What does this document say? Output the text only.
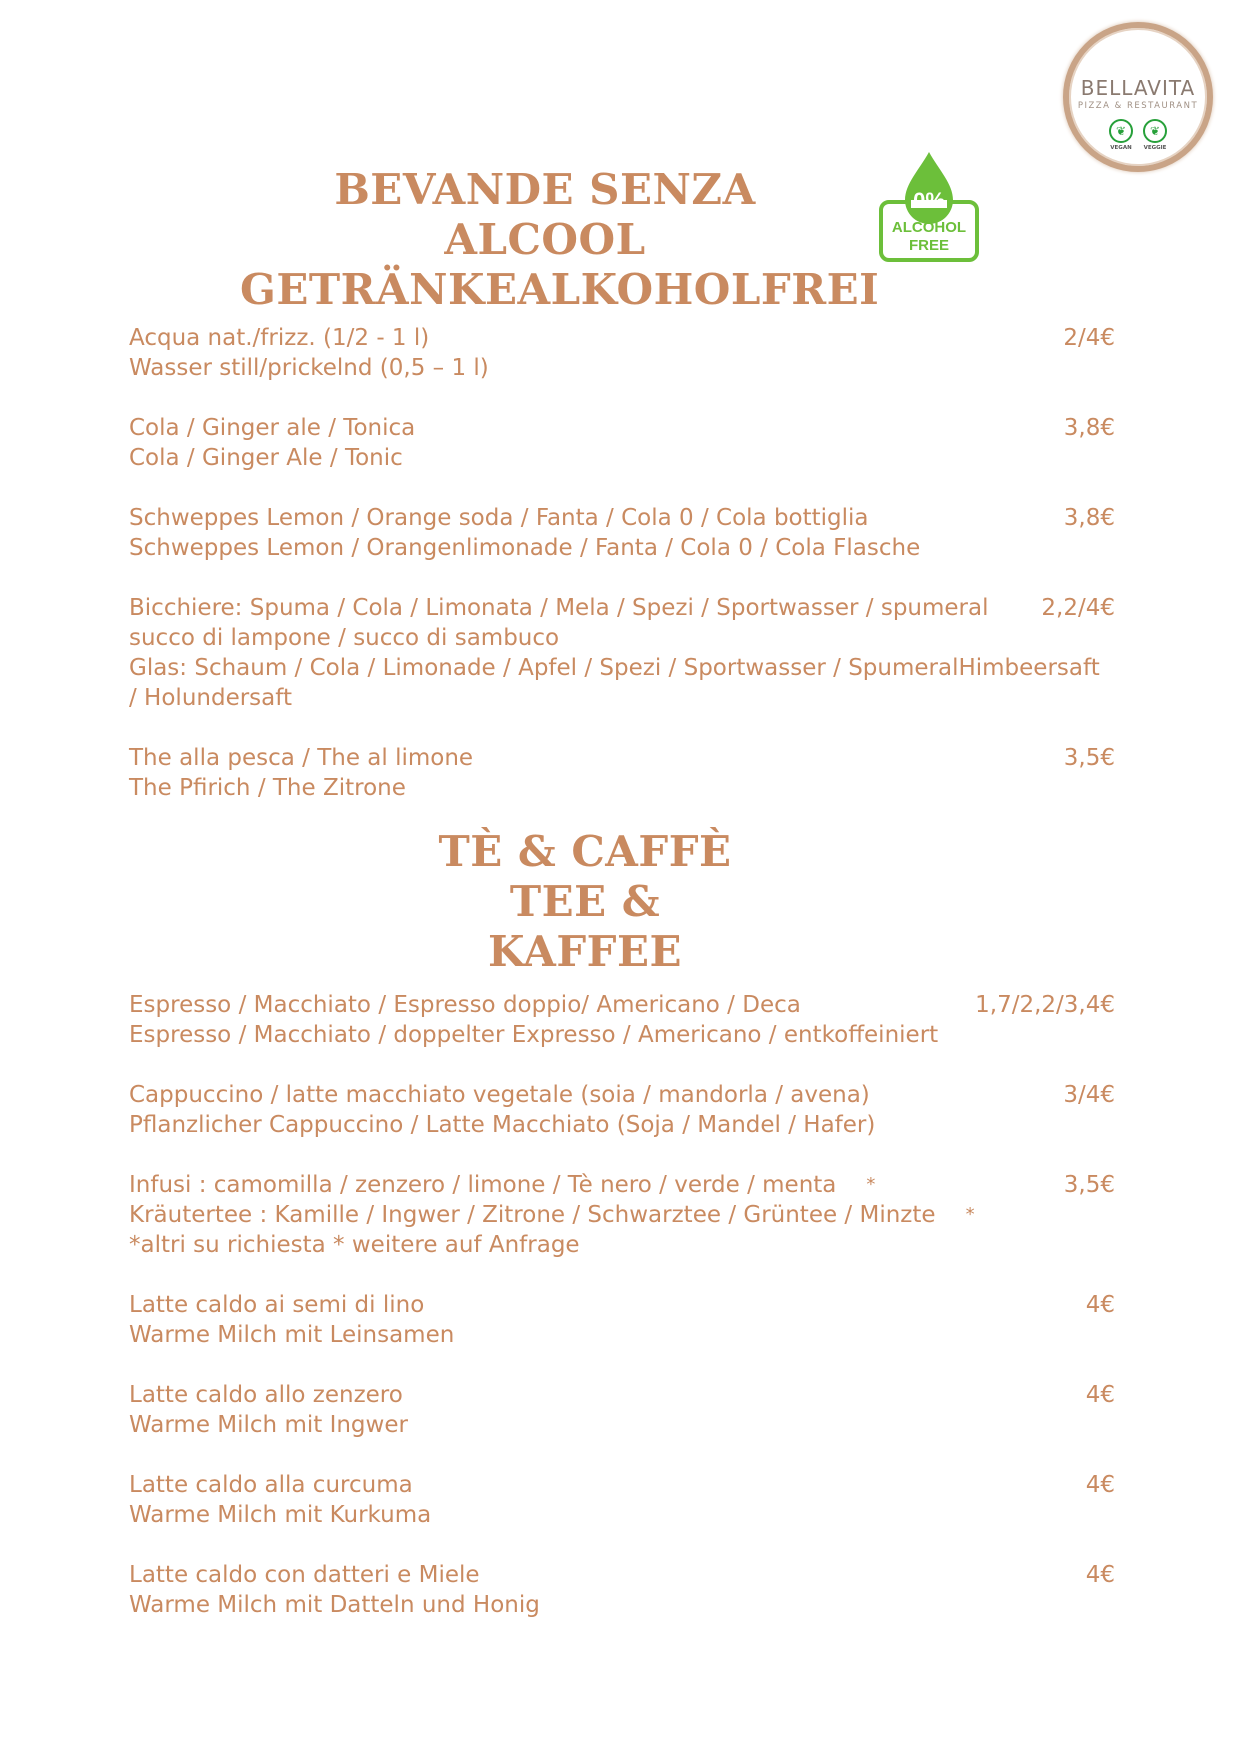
BELLAVITA
PIZZA & RESTAURANT
❦
VEGAN
❦
VEGGIE
BEVANDE SENZA ALCOOL
GETRÄNKEALKOHOLFREI
ALCOHOL
FREE
Acqua nat./frizz. (1/2 - 1 l)
Wasser still/prickelnd (0,5 – 1 l)
2/4€
Cola / Ginger ale / Tonica
Cola / Ginger Ale / Tonic
3,8€
Schweppes Lemon / Orange soda / Fanta / Cola 0 / Cola bottiglia
Schweppes Lemon / Orangenlimonade / Fanta / Cola 0 / Cola Flasche
3,8€
Bicchiere: Spuma / Cola / Limonata / Mela / Spezi / Sportwasser / spumeral
succo di lampone / succo di sambuco
Glas: Schaum / Cola / Limonade / Apfel / Spezi / Sportwasser / SpumeralHimbeersaft
/ Holundersaft
2,2/4€
The alla pesca / The al limone
The Pfirich / The Zitrone
3,5€
TÈ & CAFFÈ
TEE & KAFFEE
Espresso / Macchiato / Espresso doppio/ Americano / Deca
Espresso / Macchiato / doppelter Expresso / Americano / entkoffeiniert
1,7/2,2/3,4€
Cappuccino / latte macchiato vegetale (soia / mandorla / avena)
Pflanzlicher Cappuccino / Latte Macchiato (Soja / Mandel / Hafer)
3/4€
Infusi : camomilla / zenzero / limone / Tè nero / verde / menta *
Kräutertee : Kamille / Ingwer / Zitrone / Schwarztee / Grüntee / Minzte *
*altri su richiesta * weitere auf Anfrage
3,5€
Latte caldo ai semi di lino
Warme Milch mit Leinsamen
4€
Latte caldo allo zenzero
Warme Milch mit Ingwer
4€
Latte caldo alla curcuma
Warme Milch mit Kurkuma
4€
Latte caldo con datteri e Miele
Warme Milch mit Datteln und Honig
4€
